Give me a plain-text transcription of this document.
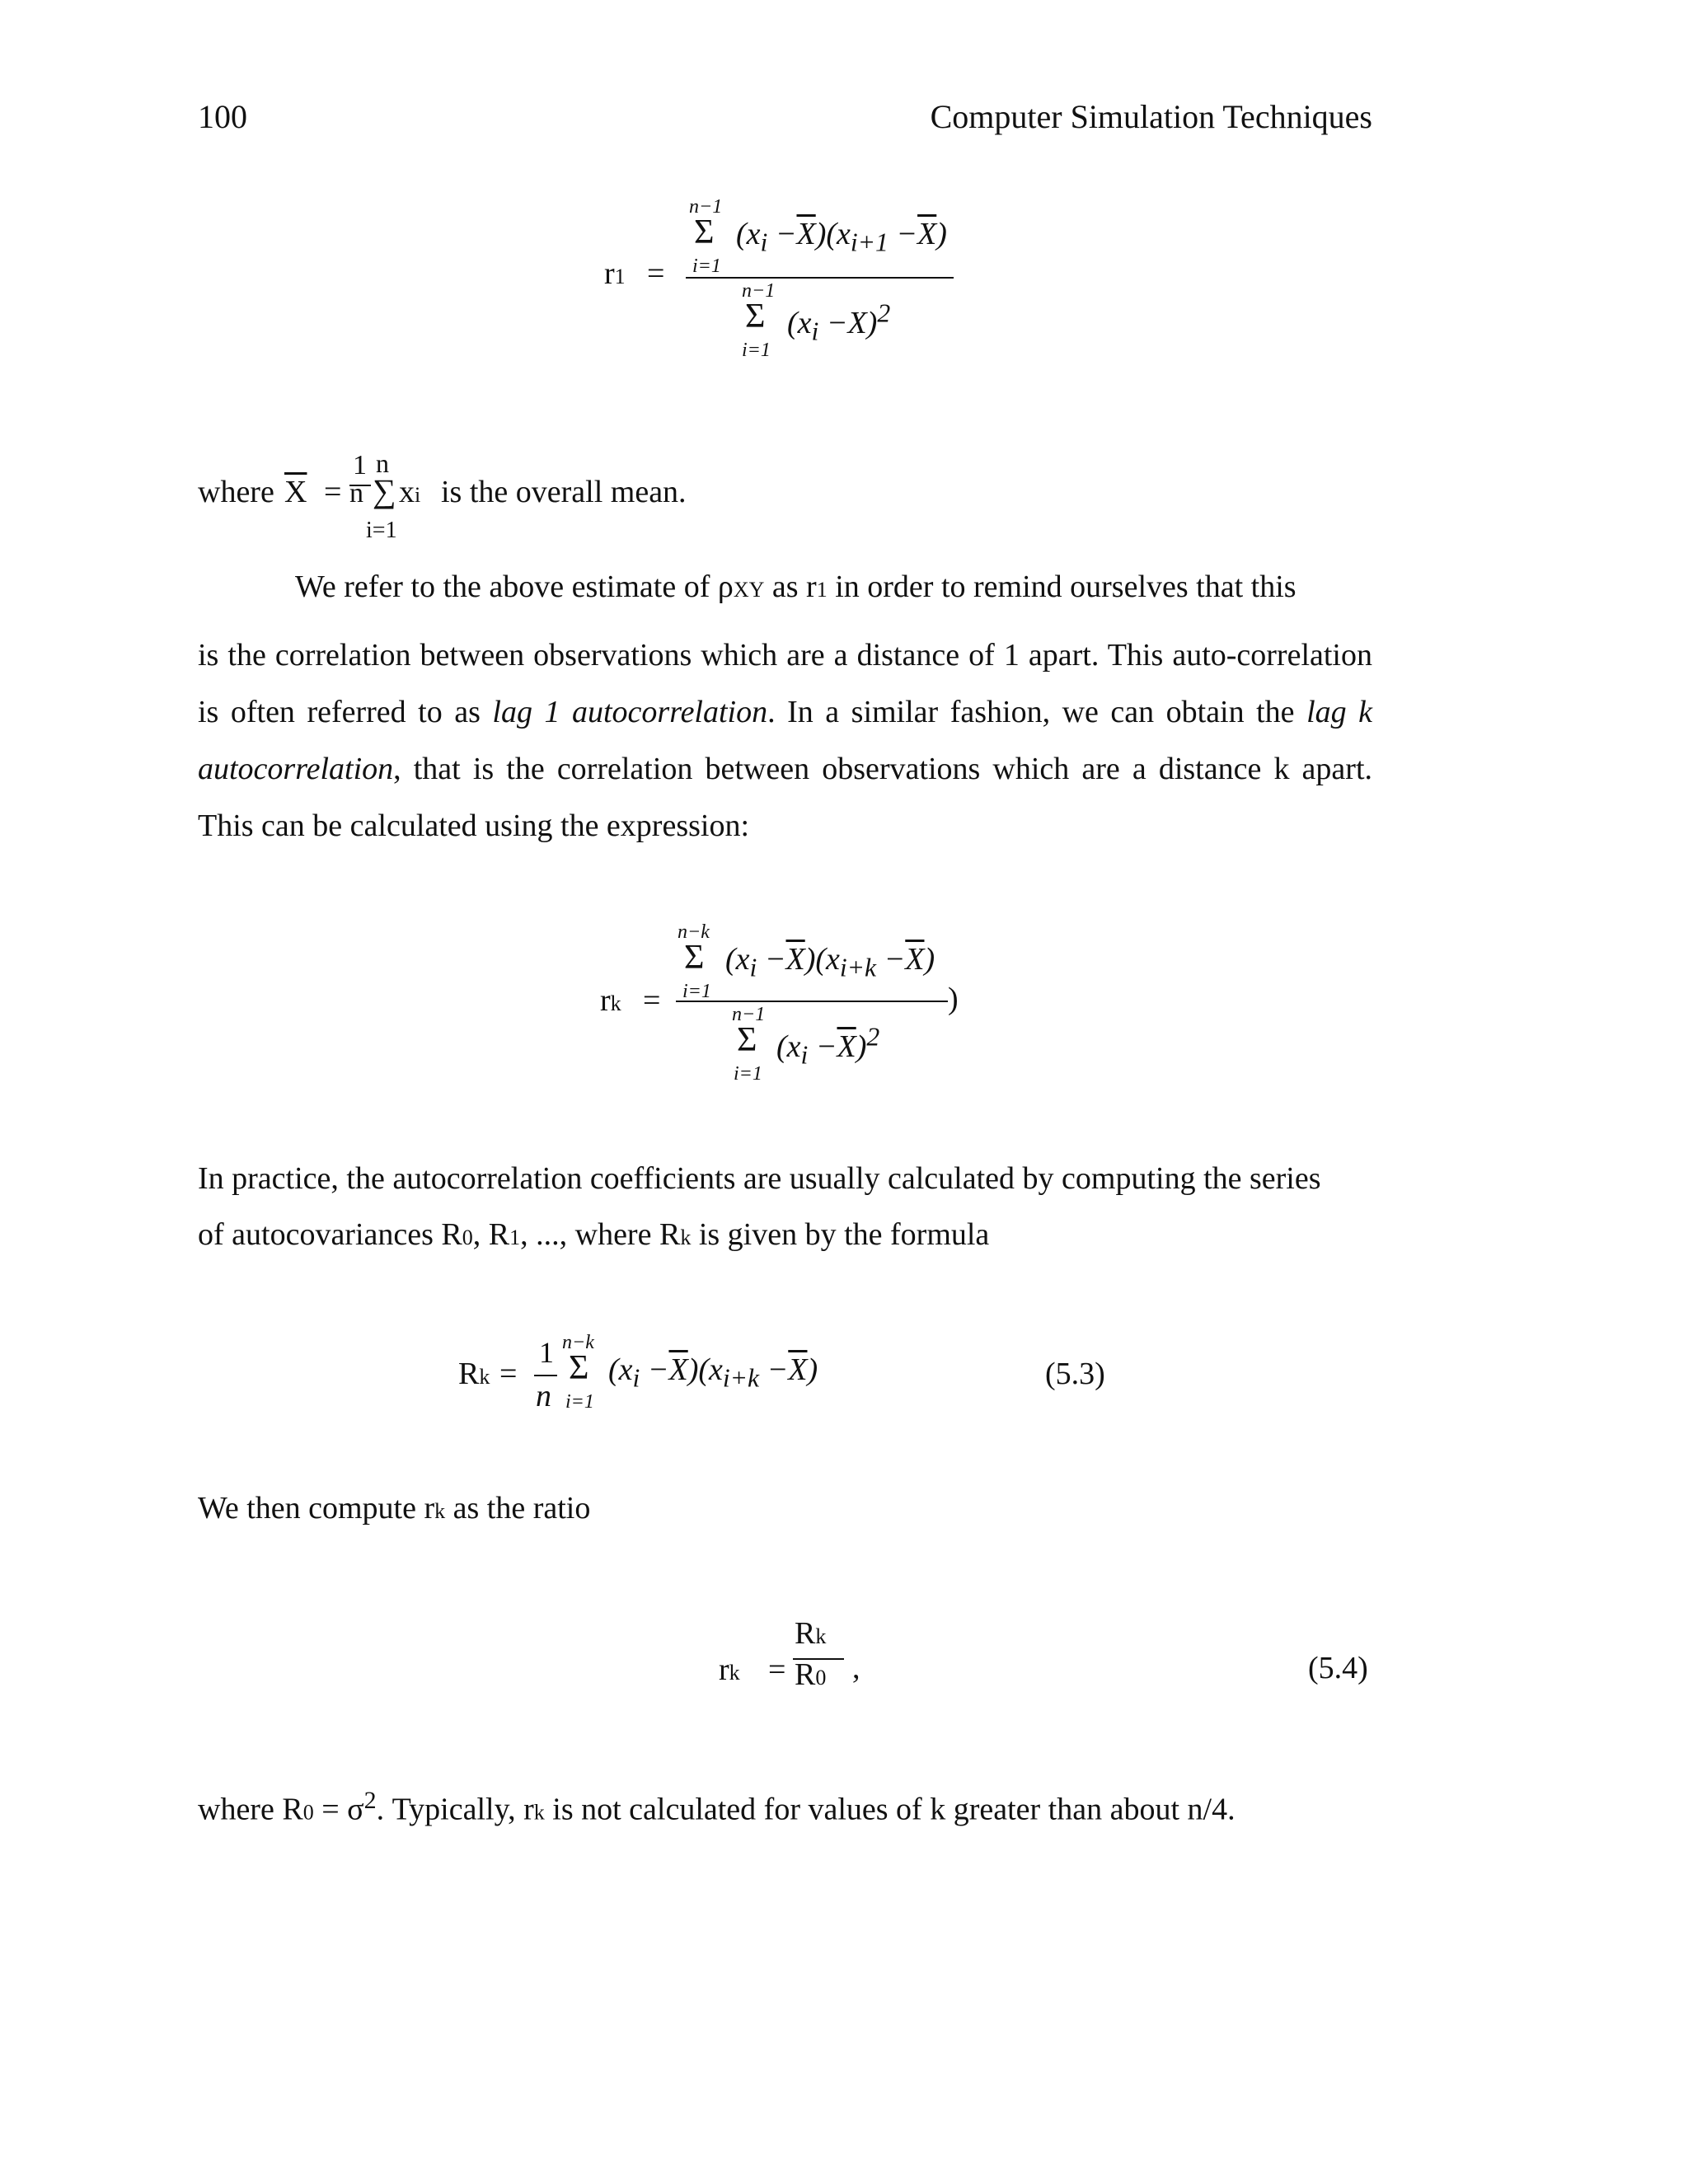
100	Computer Simulation Techniques
r1 =
n−1
Σ
i=1
$(x_i -\overline{X})(x_{i+1} -\overline{X})$
n−1
Σ
i=1
$(x_i -X)^2$
where $\overline{X}$ =
1
n
n
∑
i=1
xi is the overall mean.
We refer to the above estimate of ρXY as r1 in order to remind ourselves that this
is the correlation between observations which are a distance of 1 apart. This auto-correlation is often referred to as lag 1 autocorrelation. In a similar fashion, we can obtain the lag k autocorrelation, that is the correlation between observations which are a distance k apart. This can be calculated using the expression:
rk =
n−k
Σ
i=1
$(x_i -\overline{X})(x_{i+k} -\overline{X})$
)
n−1
Σ
i=1
$(x_i -\overline{X})^2$
In practice, the autocorrelation coefficients are usually calculated by computing the series
of autocovariances R0, R1, ..., where Rk is given by the formula
Rk =
1
n
n−k
Σ
i=1
$(x_i -\overline{X})(x_{i+k} -\overline{X})$	(5.3)
We then compute rk as the ratio
rk =
Rk
R0 ,	(5.4)
where $R0 = \sigma^2$. Typically, rk is not calculated for values of k greater than about n/4.
